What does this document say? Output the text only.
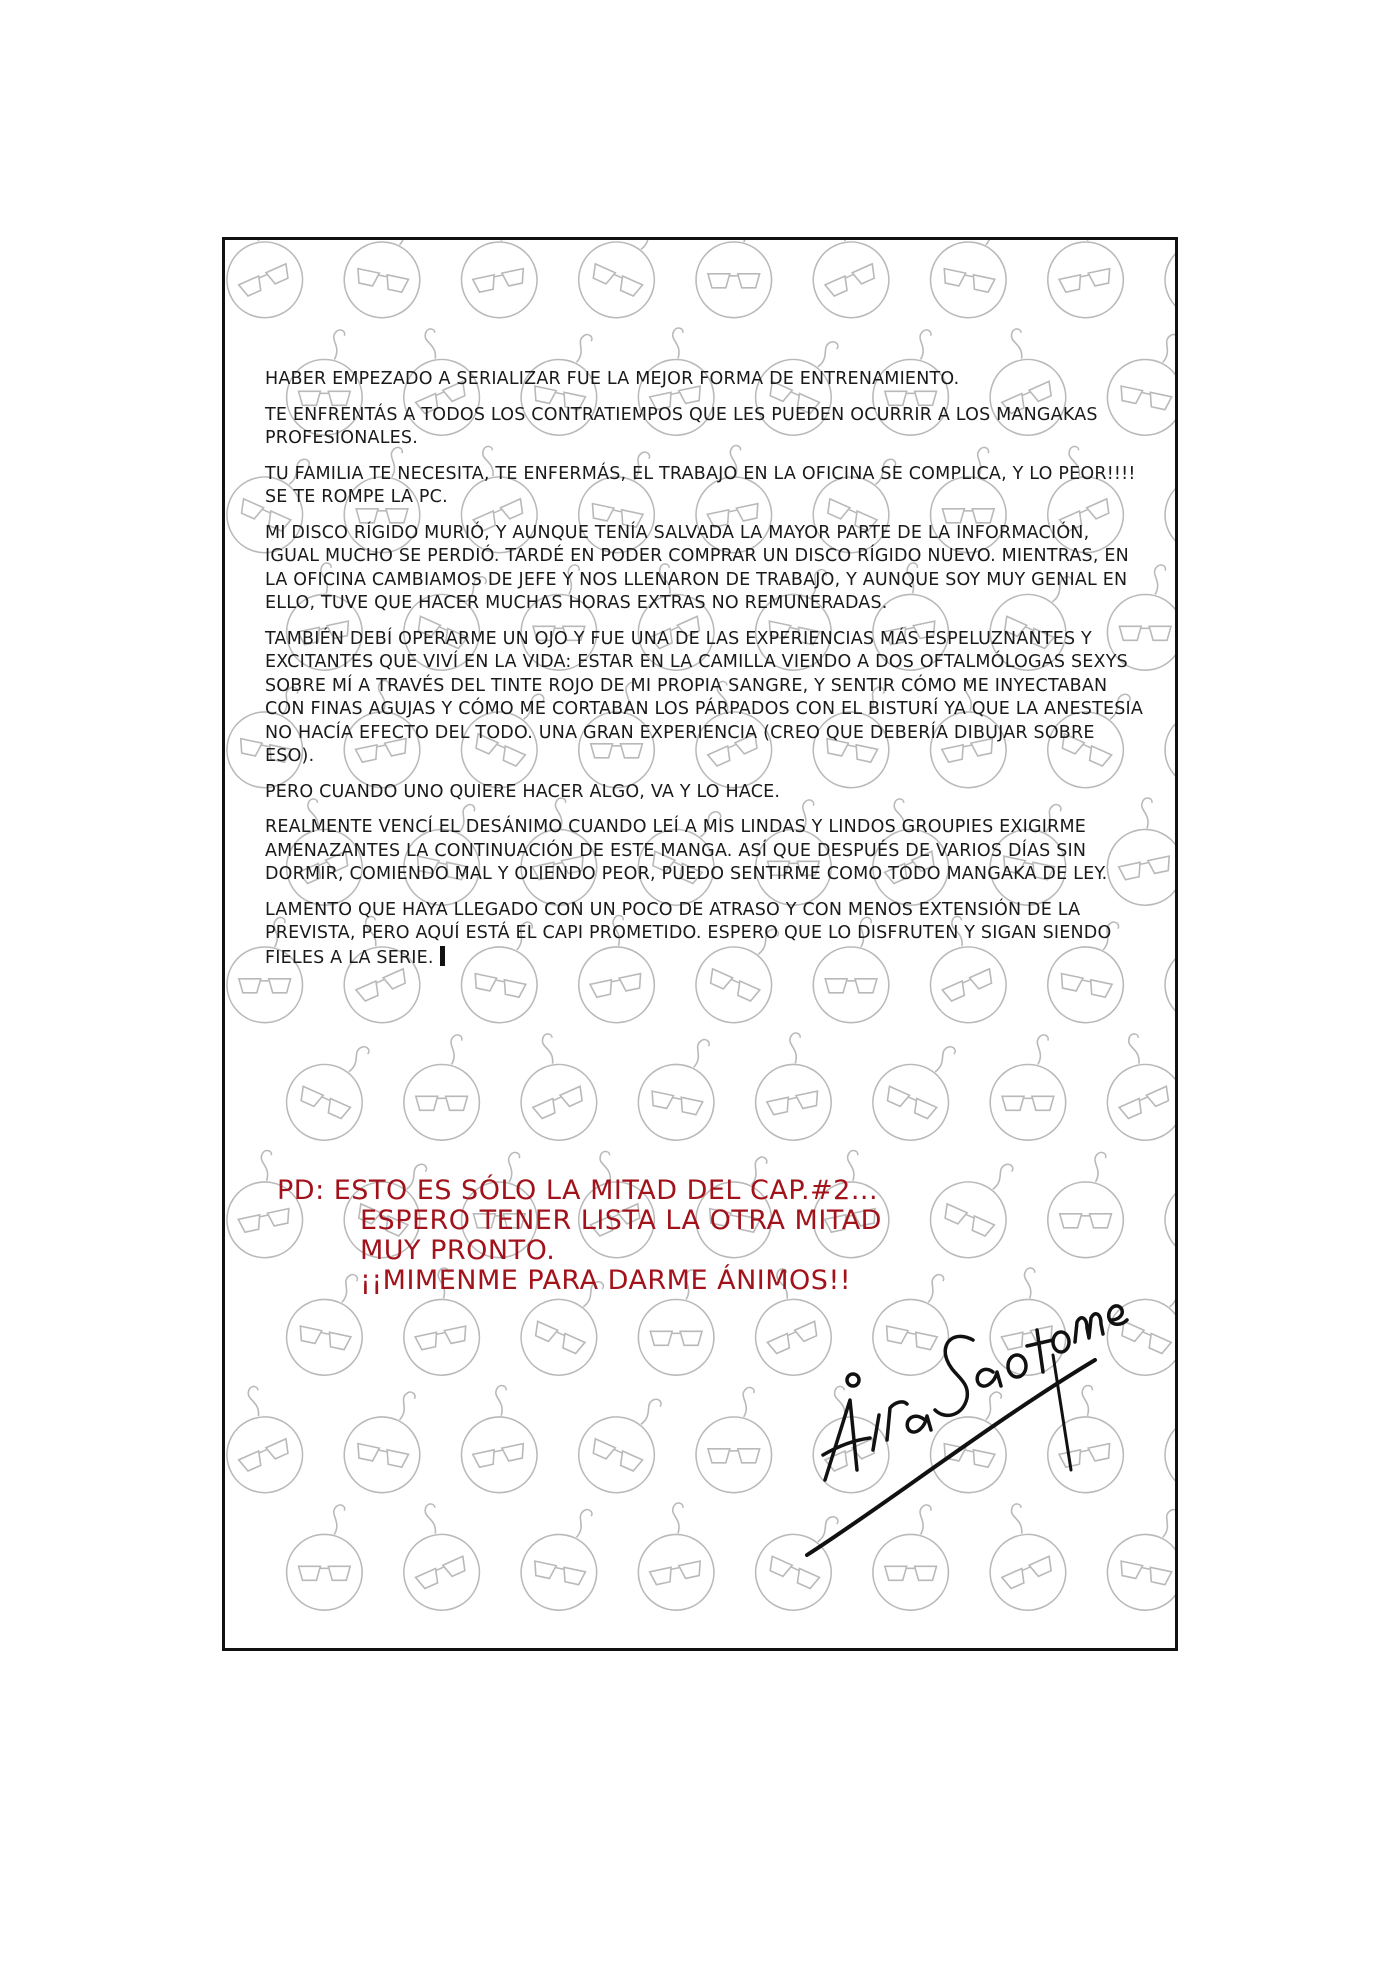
HABER EMPEZADO A SERIALIZAR FUE LA MEJOR FORMA DE ENTRENAMIENTO.

TE ENFRENTÁS A TODOS LOS CONTRATIEMPOS QUE LES PUEDEN OCURRIR A LOS MANGAKAS PROFESIONALES.

TU FAMILIA TE NECESITA, TE ENFERMÁS, EL TRABAJO EN LA OFICINA SE COMPLICA, Y LO PEOR!!!! SE TE ROMPE LA PC.

MI DISCO RÍGIDO MURIÓ, Y AUNQUE TENÍA SALVADA LA MAYOR PARTE DE LA INFORMACIÓN, IGUAL MUCHO SE PERDIÓ. TARDÉ EN PODER COMPRAR UN DISCO RÍGIDO NUEVO. MIENTRAS, EN LA OFICINA CAMBIAMOS DE JEFE Y NOS LLENARON DE TRABAJO, Y AUNQUE SOY MUY GENIAL EN ELLO, TUVE QUE HACER MUCHAS HORAS EXTRAS NO REMUNERADAS.

TAMBIÉN DEBÍ OPERARME UN OJO Y FUE UNA DE LAS EXPERIENCIAS MÁS ESPELUZNANTES Y EXCITANTES QUE VIVÍ EN LA VIDA: ESTAR EN LA CAMILLA VIENDO A DOS OFTALMÓLOGAS SEXYS SOBRE MÍ A TRAVÉS DEL TINTE ROJO DE MI PROPIA SANGRE, Y SENTIR CÓMO ME INYECTABAN CON FINAS AGUJAS Y CÓMO ME CORTABAN LOS PÁRPADOS CON EL BISTURÍ YA QUE LA ANESTESIA NO HACÍA EFECTO DEL TODO. UNA GRAN EXPERIENCIA (CREO QUE DEBERÍA DIBUJAR SOBRE ESO).

PERO CUANDO UNO QUIERE HACER ALGO, VA Y LO HACE.

REALMENTE VENCÍ EL DESÁNIMO CUANDO LEÍ A MIS LINDAS Y LINDOS GROUPIES EXIGIRME AMENAZANTES LA CONTINUACIÓN DE ESTE MANGA. ASÍ QUE DESPUÉS DE VARIOS DÍAS SIN DORMIR, COMIENDO MAL Y OLIENDO PEOR, PUEDO SENTIRME COMO TODO MANGAKA DE LEY.

LAMENTO QUE HAYA LLEGADO CON UN POCO DE ATRASO Y CON MENOS EXTENSIÓN DE LA PREVISTA, PERO AQUÍ ESTÁ EL CAPI PROMETIDO. ESPERO QUE LO DISFRUTEN Y SIGAN SIENDO FIELES A LA SERIE.

PD: ESTO ES SÓLO LA MITAD DEL CAP.#2...
ESPERO TENER LISTA LA OTRA MITAD
MUY PRONTO.
¡¡MIMENME PARA DARME ÁNIMOS!!
